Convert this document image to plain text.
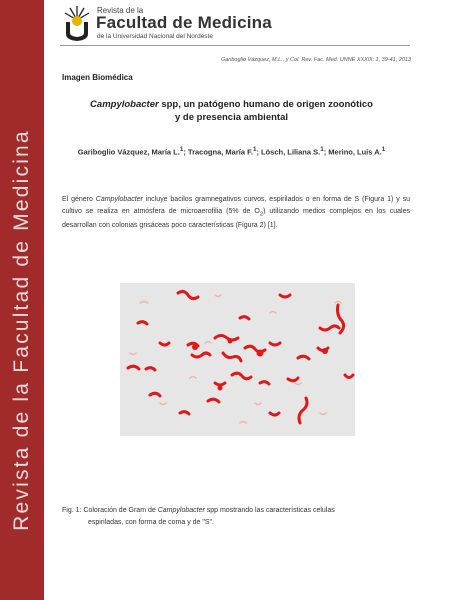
Revista de la Facultad de Medicina
Revista de la
Facultad de Medicina
de la Universidad Nacional del Nordeste
Gariboglio Vázquez, M.L., y Col. Rev. Fac. Med. UNNE XXXIII: 1, 39-41, 2013
Imagen Biomédica
Campylobacter spp, un patógeno humano de origen zoonótico
y de presencia ambiental
Gariboglio Vázquez, María L.$^1$; Tracogna, María F.$^1$; Lösch, Liliana S.$^1$; Merino, Luis A.$^1$
El género Campylobacter incluye bacilos gramnegativos curvos, espirilados o en forma de S (Figura 1) y su cultivo se realiza en atmósfera de microaerofilia (5% de $O_2$) utilizando medios complejos en los cuales desarrollan con colonias grisáceas poco características (Figura 2) [1].
Fig. 1: Coloración de Gram de Campylobacter spp mostrando las características celulas
espiriladas, con forma de coma y de "S".
